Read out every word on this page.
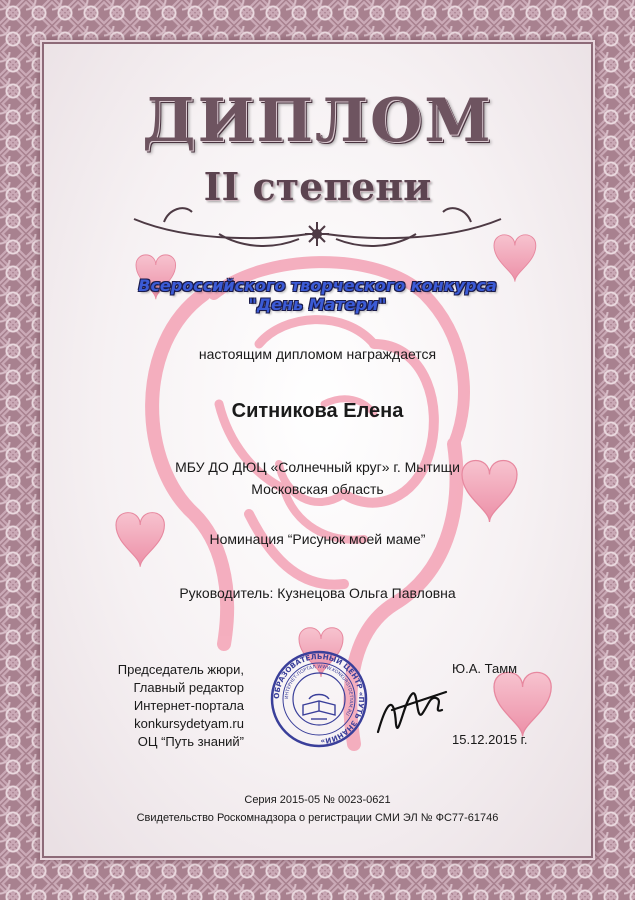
ДИПЛОМ
II степени
Всероссийского творческого конкурса
"День Матери"
настоящим дипломом награждается
Ситникова Елена
МБУ ДО ДЮЦ «Солнечный круг» г. Мытищи
Московская область
Номинация “Рисунок моей маме”
Руководитель: Кузнецова Ольга Павловна
Председатель жюри,
Главный редактор
Интернет-портала
konkursydetyam.ru
ОЦ “Путь знаний”
ОБРАЗОВАТЕЛЬНЫЙ ЦЕНТР «ПУТЬ ЗНАНИЙ»
ИНТЕРНЕТ-ПОРТАЛ WWW.KONKURSYDETYAM.RU
Ю.А. Тамм
15.12.2015 г.
Серия 2015-05 № 0023-0621
Свидетельство Роскомнадзора о регистрации СМИ ЭЛ № ФС77-61746
